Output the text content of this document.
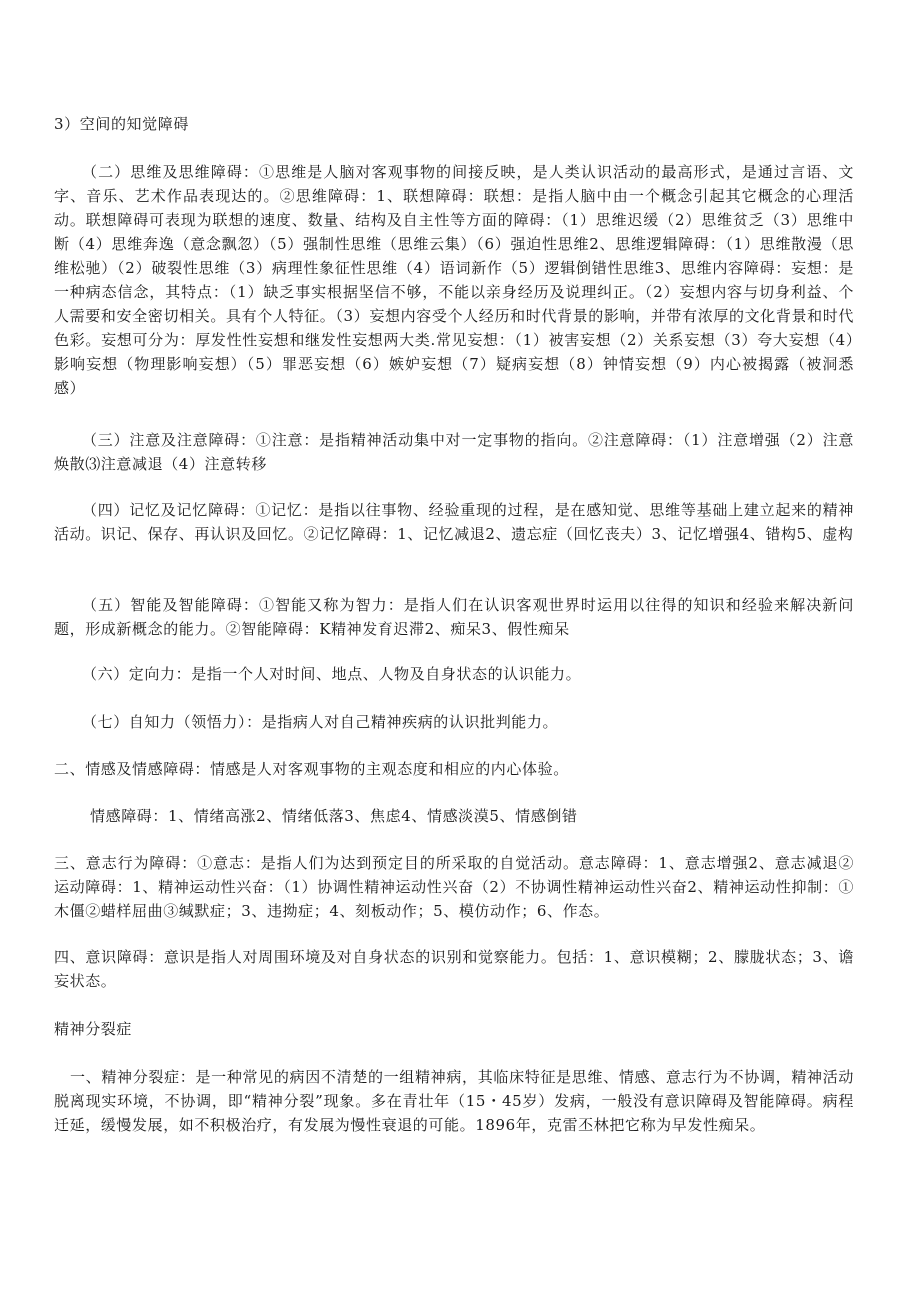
3）空间的知觉障碍

（二）思维及思维障碍：①思维是人脑对客观事物的间接反映，是人类认识活动的最高形式，是通过言语、文字、音乐、艺术作品表现达的。②思维障碍：1、联想障碍：联想：是指人脑中由一个概念引起其它概念的心理活动。联想障碍可表现为联想的速度、数量、结构及自主性等方面的障碍：（1）思维迟缓（2）思维贫乏（3）思维中断（4）思维奔逸（意念飘忽）（5）强制性思维（思维云集）（6）强迫性思维2、思维逻辑障碍：（1）思维散漫（思维松驰）（2）破裂性思维（3）病理性象征性思维（4）语词新作（5）逻辑倒错性思维3、思维内容障碍：妄想：是一种病态信念，其特点：（1）缺乏事实根据坚信不够，不能以亲身经历及说理纠正。（2）妄想内容与切身利益、个人需要和安全密切相关。具有个人特征。（3）妄想内容受个人经历和时代背景的影响，并带有浓厚的文化背景和时代色彩。妄想可分为：厚发性性妄想和继发性妄想两大类.常见妄想：（1）被害妄想（2）关系妄想（3）夸大妄想（4）影响妄想（物理影响妄想）（5）罪恶妄想（6）嫉妒妄想（7）疑病妄想（8）钟情妄想（9）内心被揭露（被洞悉感）

（三）注意及注意障碍：①注意：是指精神活动集中对一定事物的指向。②注意障碍：（1）注意增强（2）注意焕散⑶注意减退（4）注意转移

（四）记忆及记忆障碍：①记忆：是指以往事物、经验重现的过程，是在感知觉、思维等基础上建立起来的精神活动。识记、保存、再认识及回忆。②记忆障碍：1、记忆减退2、遗忘症（回忆丧夫）3、记忆增强4、错构5、虚构

（五）智能及智能障碍：①智能又称为智力：是指人们在认识客观世界时运用以往得的知识和经验来解决新问题，形成新概念的能力。②智能障碍：K精神发育迟滞2、痴呆3、假性痴呆

（六）定向力：是指一个人对时间、地点、人物及自身状态的认识能力。

（七）自知力（领悟力）：是指病人对自己精神疾病的认识批判能力。

二、情感及情感障碍：情感是人对客观事物的主观态度和相应的内心体验。

情感障碍：1、情绪高涨2、情绪低落3、焦虑4、情感淡漠5、情感倒错

三、意志行为障碍：①意志：是指人们为达到预定目的所采取的自觉活动。意志障碍：1、意志增强2、意志减退②运动障碍：1、精神运动性兴奋：（1）协调性精神运动性兴奋（2）不协调性精神运动性兴奋2、精神运动性抑制：①木僵②蜡样屈曲③缄默症；3、违拗症；4、刻板动作；5、模仿动作；6、作态。

四、意识障碍：意识是指人对周围环境及对自身状态的识别和觉察能力。包括：1、意识模糊；2、朦胧状态；3、谵妄状态。

精神分裂症

一、精神分裂症：是一种常见的病因不清楚的一组精神病，其临床特征是思维、情感、意志行为不协调，精神活动脱离现实环境，不协调，即“精神分裂”现象。多在青壮年（15・45岁）发病，一般没有意识障碍及智能障碍。病程迁延，缓慢发展，如不积极治疗，有发展为慢性衰退的可能。1896年，克雷丕林把它称为早发性痴呆。
